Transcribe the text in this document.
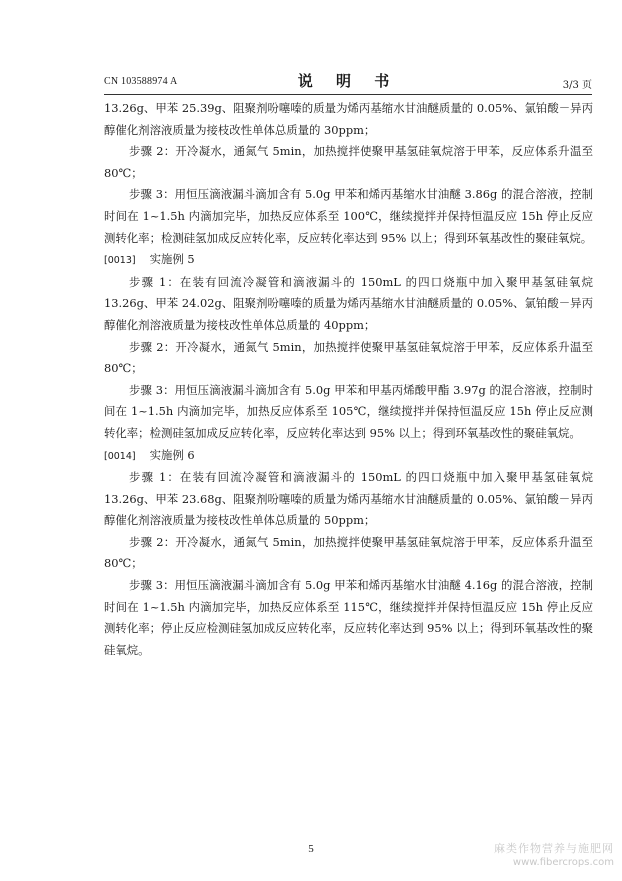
CN 103588974 A	说 明 书	3/3 页

13.26g、甲苯 25.39g、阻聚剂吩噻嗪的质量为烯丙基缩水甘油醚质量的 0.05%、氯铂酸－异丙醇催化剂溶液质量为接枝改性单体总质量的 30ppm；

步骤 2：开冷凝水，通氮气 5min，加热搅拌使聚甲基氢硅氧烷溶于甲苯，反应体系升温至 80℃；

步骤 3：用恒压滴液漏斗滴加含有 5.0g 甲苯和烯丙基缩水甘油醚 3.86g 的混合溶液，控制时间在 1~1.5h 内滴加完毕，加热反应体系至 100℃，继续搅拌并保持恒温反应 15h 停止反应测转化率；检测硅氢加成反应转化率，反应转化率达到 95% 以上；得到环氧基改性的聚硅氧烷。

[0013] 实施例 5

步骤 1：在装有回流冷凝管和滴液漏斗的 150mL 的四口烧瓶中加入聚甲基氢硅氧烷 13.26g、甲苯 24.02g、阻聚剂吩噻嗪的质量为烯丙基缩水甘油醚质量的 0.05%、氯铂酸－异丙醇催化剂溶液质量为接枝改性单体总质量的 40ppm；

步骤 2：开冷凝水，通氮气 5min，加热搅拌使聚甲基氢硅氧烷溶于甲苯，反应体系升温至 80℃；

步骤 3：用恒压滴液漏斗滴加含有 5.0g 甲苯和甲基丙烯酸甲酯 3.97g 的混合溶液，控制时间在 1~1.5h 内滴加完毕，加热反应体系至 105℃，继续搅拌并保持恒温反应 15h 停止反应测转化率；检测硅氢加成反应转化率，反应转化率达到 95% 以上；得到环氧基改性的聚硅氧烷。

[0014] 实施例 6

步骤 1：在装有回流冷凝管和滴液漏斗的 150mL 的四口烧瓶中加入聚甲基氢硅氧烷 13.26g、甲苯 23.68g、阻聚剂吩噻嗪的质量为烯丙基缩水甘油醚质量的 0.05%、氯铂酸－异丙醇催化剂溶液质量为接枝改性单体总质量的 50ppm；

步骤 2：开冷凝水，通氮气 5min，加热搅拌使聚甲基氢硅氧烷溶于甲苯，反应体系升温至 80℃；

步骤 3：用恒压滴液漏斗滴加含有 5.0g 甲苯和烯丙基缩水甘油醚 4.16g 的混合溶液，控制时间在 1~1.5h 内滴加完毕，加热反应体系至 115℃，继续搅拌并保持恒温反应 15h 停止反应测转化率；停止反应检测硅氢加成反应转化率，反应转化率达到 95% 以上；得到环氧基改性的聚硅氧烷。

5	麻类作物营养与施肥网
www.fibercrops.com
